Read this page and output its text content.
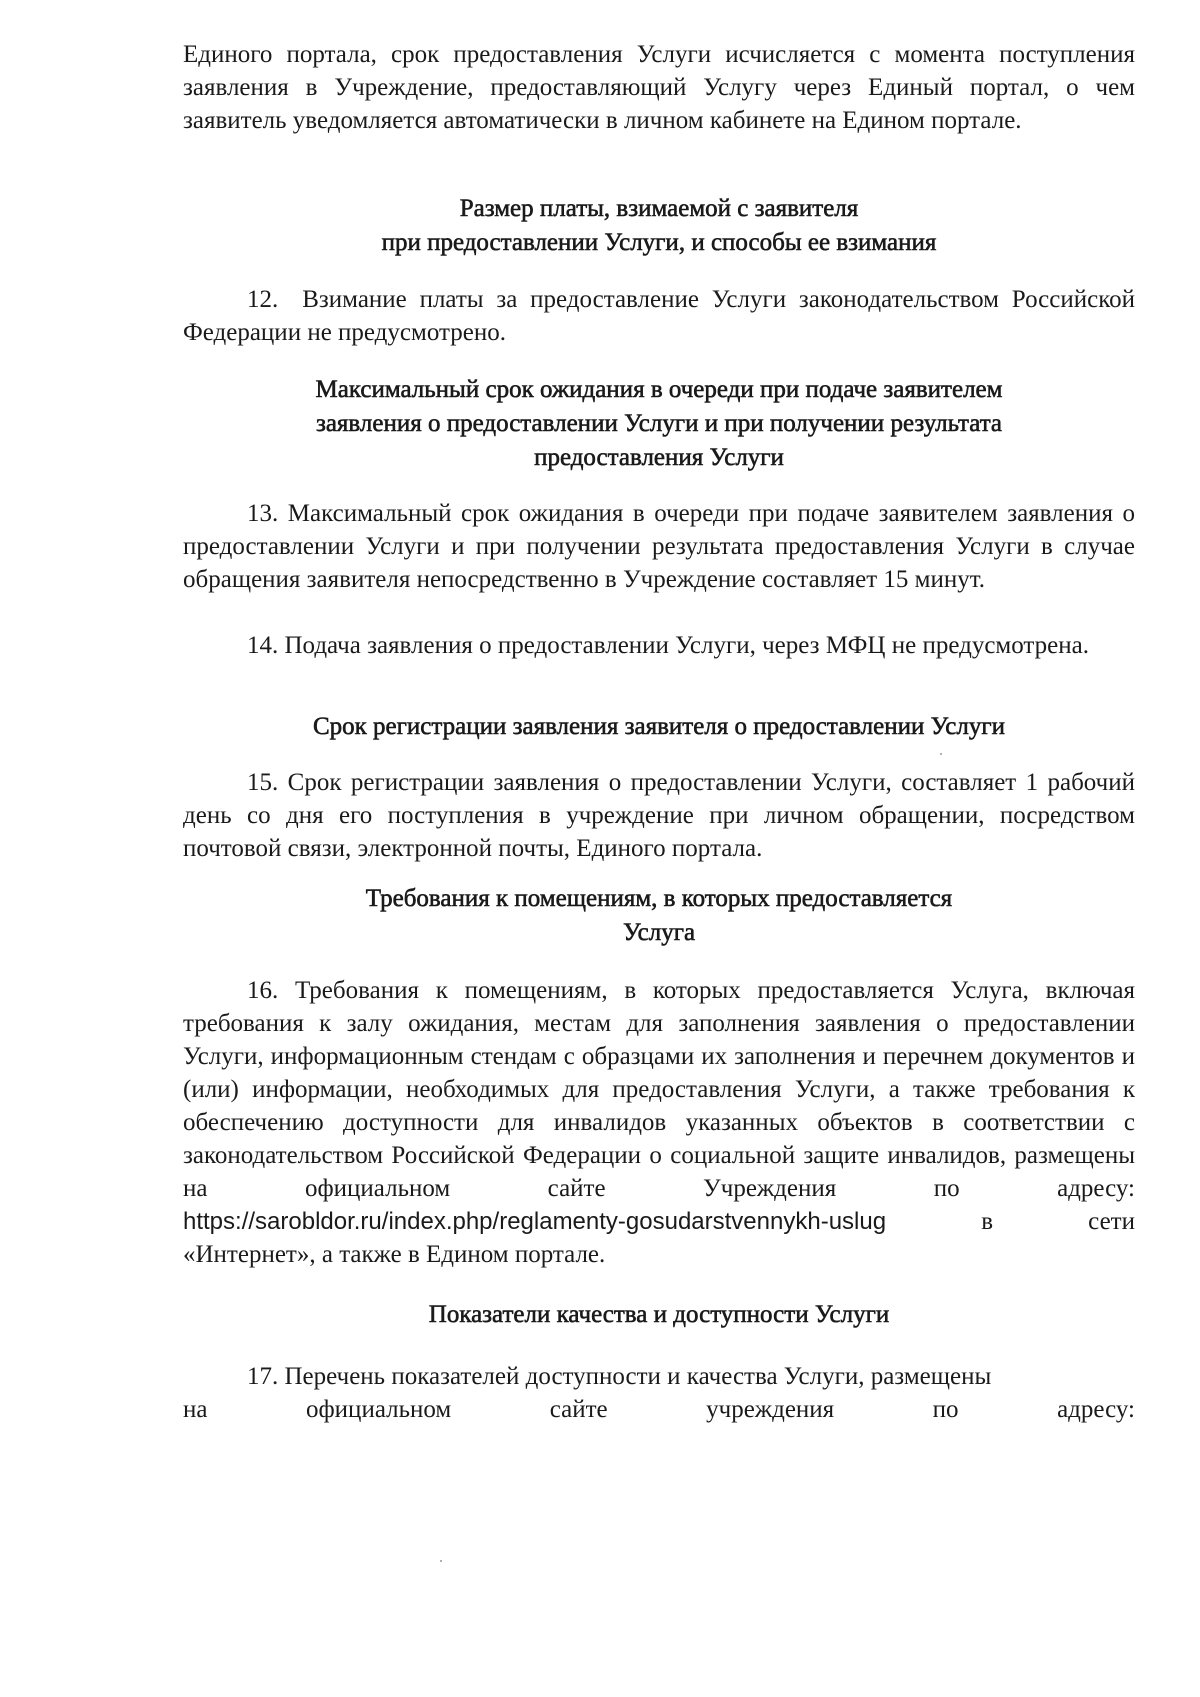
Единого портала, срок предоставления Услуги исчисляется с момента поступления заявления в Учреждение, предоставляющий Услугу через Единый портал, о чем заявитель уведомляется автоматически в личном кабинете на Едином портале.

Размер платы, взимаемой с заявителя

при предоставлении Услуги, и способы ее взимания

12. Взимание платы за предоставление Услуги законодательством Российской Федерации не предусмотрено.

Максимальный срок ожидания в очереди при подаче заявителем

заявления о предоставлении Услуги и при получении результата

предоставления Услуги

13. Максимальный срок ожидания в очереди при подаче заявителем заявления о предоставлении Услуги и при получении результата предоставления Услуги в случае обращения заявителя непосредственно в Учреждение составляет 15 минут.

14. Подача заявления о предоставлении Услуги, через МФЦ не предусмотрена.

Срок регистрации заявления заявителя о предоставлении Услуги

15. Срок регистрации заявления о предоставлении Услуги, составляет 1 рабочий день со дня его поступления в учреждение при личном обращении, посредством почтовой связи, электронной почты, Единого портала.

Требования к помещениям, в которых предоставляется

Услуга

16. Требования к помещениям, в которых предоставляется Услуга, включая требования к залу ожидания, местам для заполнения заявления о предоставлении Услуги, информационным стендам с образцами их заполнения и перечнем документов и (или) информации, необходимых для предоставления Услуги, а также требования к обеспечению доступности для инвалидов указанных объектов в соответствии с законодательством Российской Федерации о социальной защите инвалидов, размещены на официальном сайте Учреждения по адресу:

https://sarobldor.ru/index.php/reglamenty-gosudarstvennykh-uslug	в	сети

«Интернет», а также в Едином портале.

Показатели качества и доступности Услуги

17. Перечень показателей доступности и качества Услуги, размещены

на	официальном	сайте	учреждения	по	адресу:
